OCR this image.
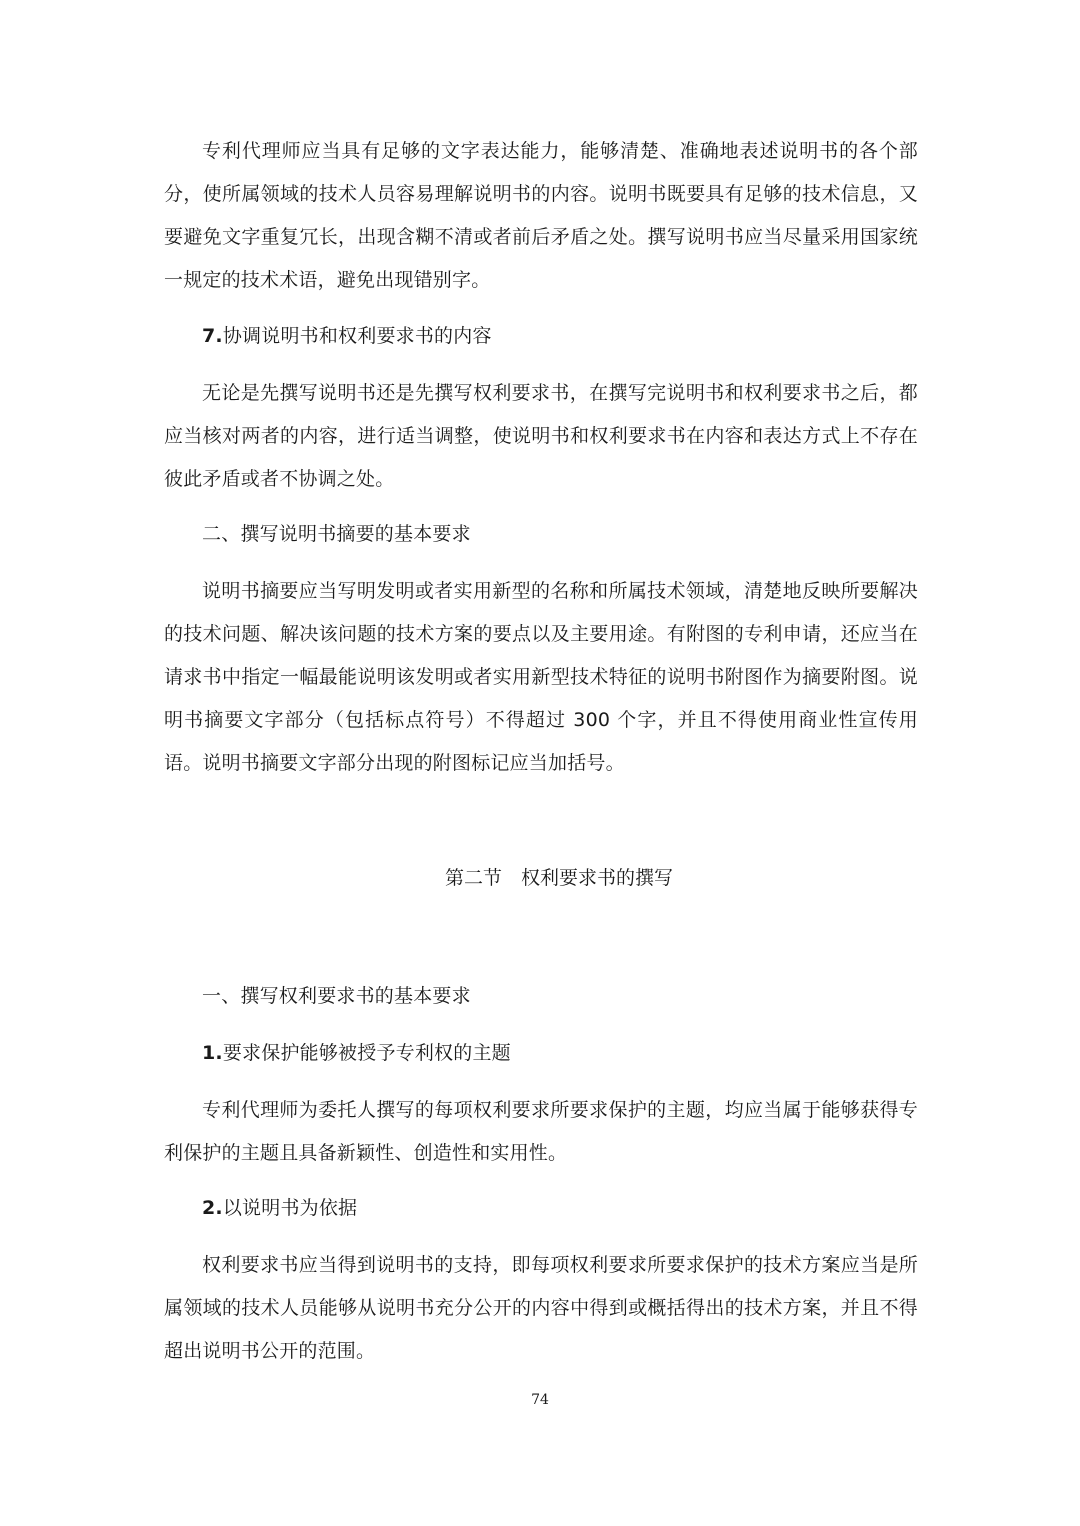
专利代理师应当具有足够的文字表达能力，能够清楚、准确地表述说明书的各个部分，使所属领域的技术人员容易理解说明书的内容。说明书既要具有足够的技术信息，又要避免文字重复冗长，出现含糊不清或者前后矛盾之处。撰写说明书应当尽量采用国家统一规定的技术术语，避免出现错别字。

7.协调说明书和权利要求书的内容

无论是先撰写说明书还是先撰写权利要求书，在撰写完说明书和权利要求书之后，都应当核对两者的内容，进行适当调整，使说明书和权利要求书在内容和表达方式上不存在彼此矛盾或者不协调之处。

二、撰写说明书摘要的基本要求

说明书摘要应当写明发明或者实用新型的名称和所属技术领域，清楚地反映所要解决的技术问题、解决该问题的技术方案的要点以及主要用途。有附图的专利申请，还应当在请求书中指定一幅最能说明该发明或者实用新型技术特征的说明书附图作为摘要附图。说明书摘要文字部分（包括标点符号）不得超过 300 个字，并且不得使用商业性宣传用语。说明书摘要文字部分出现的附图标记应当加括号。

第二节　权利要求书的撰写

一、撰写权利要求书的基本要求

1.要求保护能够被授予专利权的主题

专利代理师为委托人撰写的每项权利要求所要求保护的主题，均应当属于能够获得专利保护的主题且具备新颖性、创造性和实用性。

2.以说明书为依据

权利要求书应当得到说明书的支持，即每项权利要求所要求保护的技术方案应当是所属领域的技术人员能够从说明书充分公开的内容中得到或概括得出的技术方案，并且不得超出说明书公开的范围。

74
